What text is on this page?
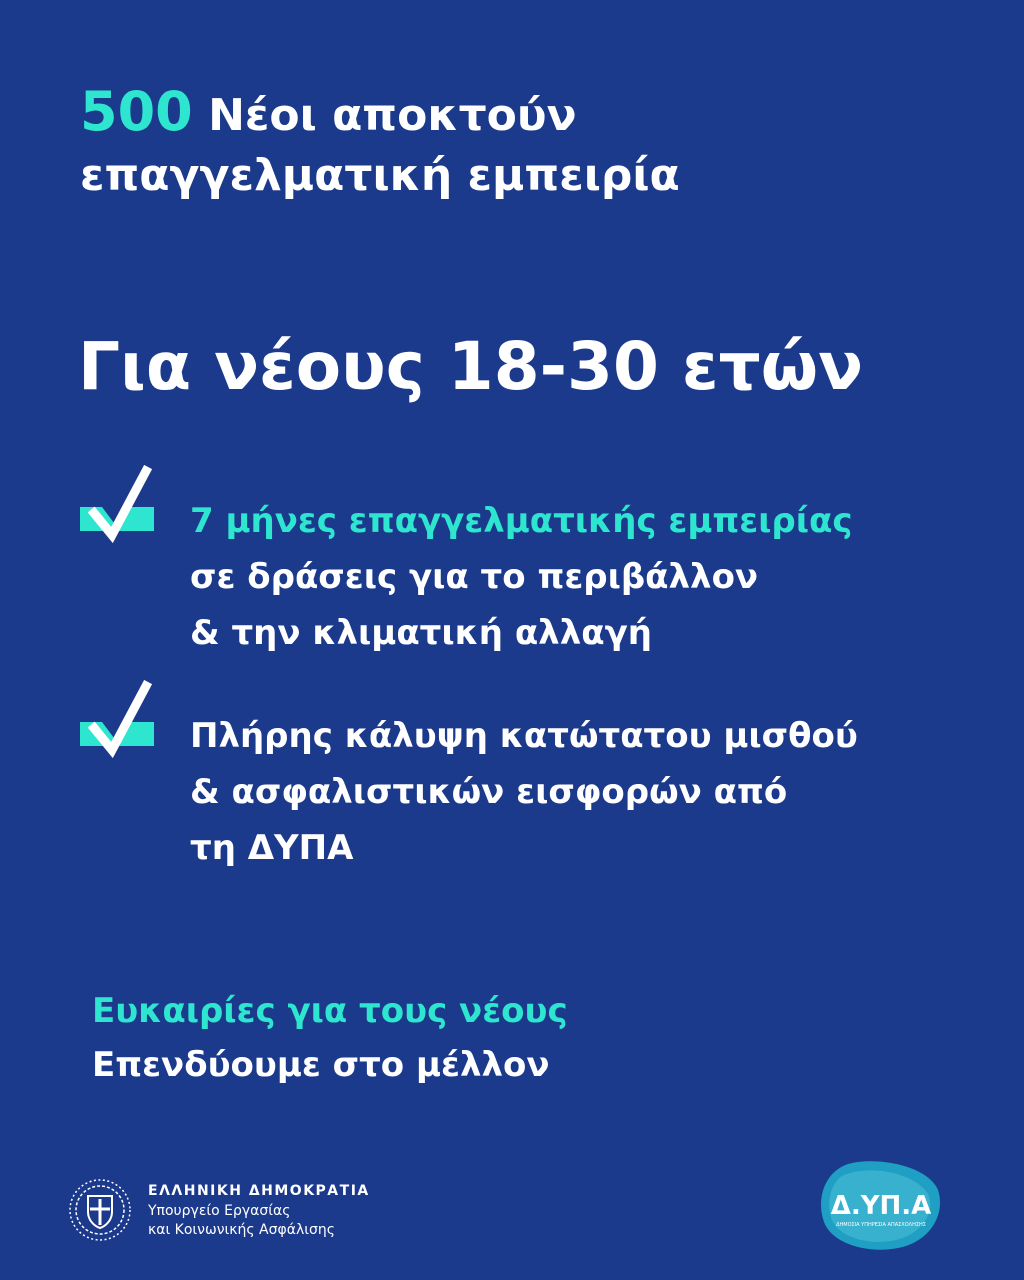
500 Νέοι αποκτούν
επαγγελματική εμπειρία
Για νέους 18-30 ετών
7 μήνες επαγγελματικής εμπειρίας
σε δράσεις για το περιβάλλον
& την κλιματική αλλαγή
Πλήρης κάλυψη κατώτατου μισθού
& ασφαλιστικών εισφορών από
τη ΔΥΠΑ
Ευκαιρίες για τους νέους
Επενδύουμε στο μέλλον
ΕΛΛΗΝΙΚΗ ΔΗΜΟΚΡΑΤΙΑ
Υπουργείο Εργασίας
και Κοινωνικής Ασφάλισης
Δ.ΥΠ.Α
ΔΗΜΟΣΙΑ ΥΠΗΡΕΣΙΑ ΑΠΑΣΧΟΛΗΣΗΣ
